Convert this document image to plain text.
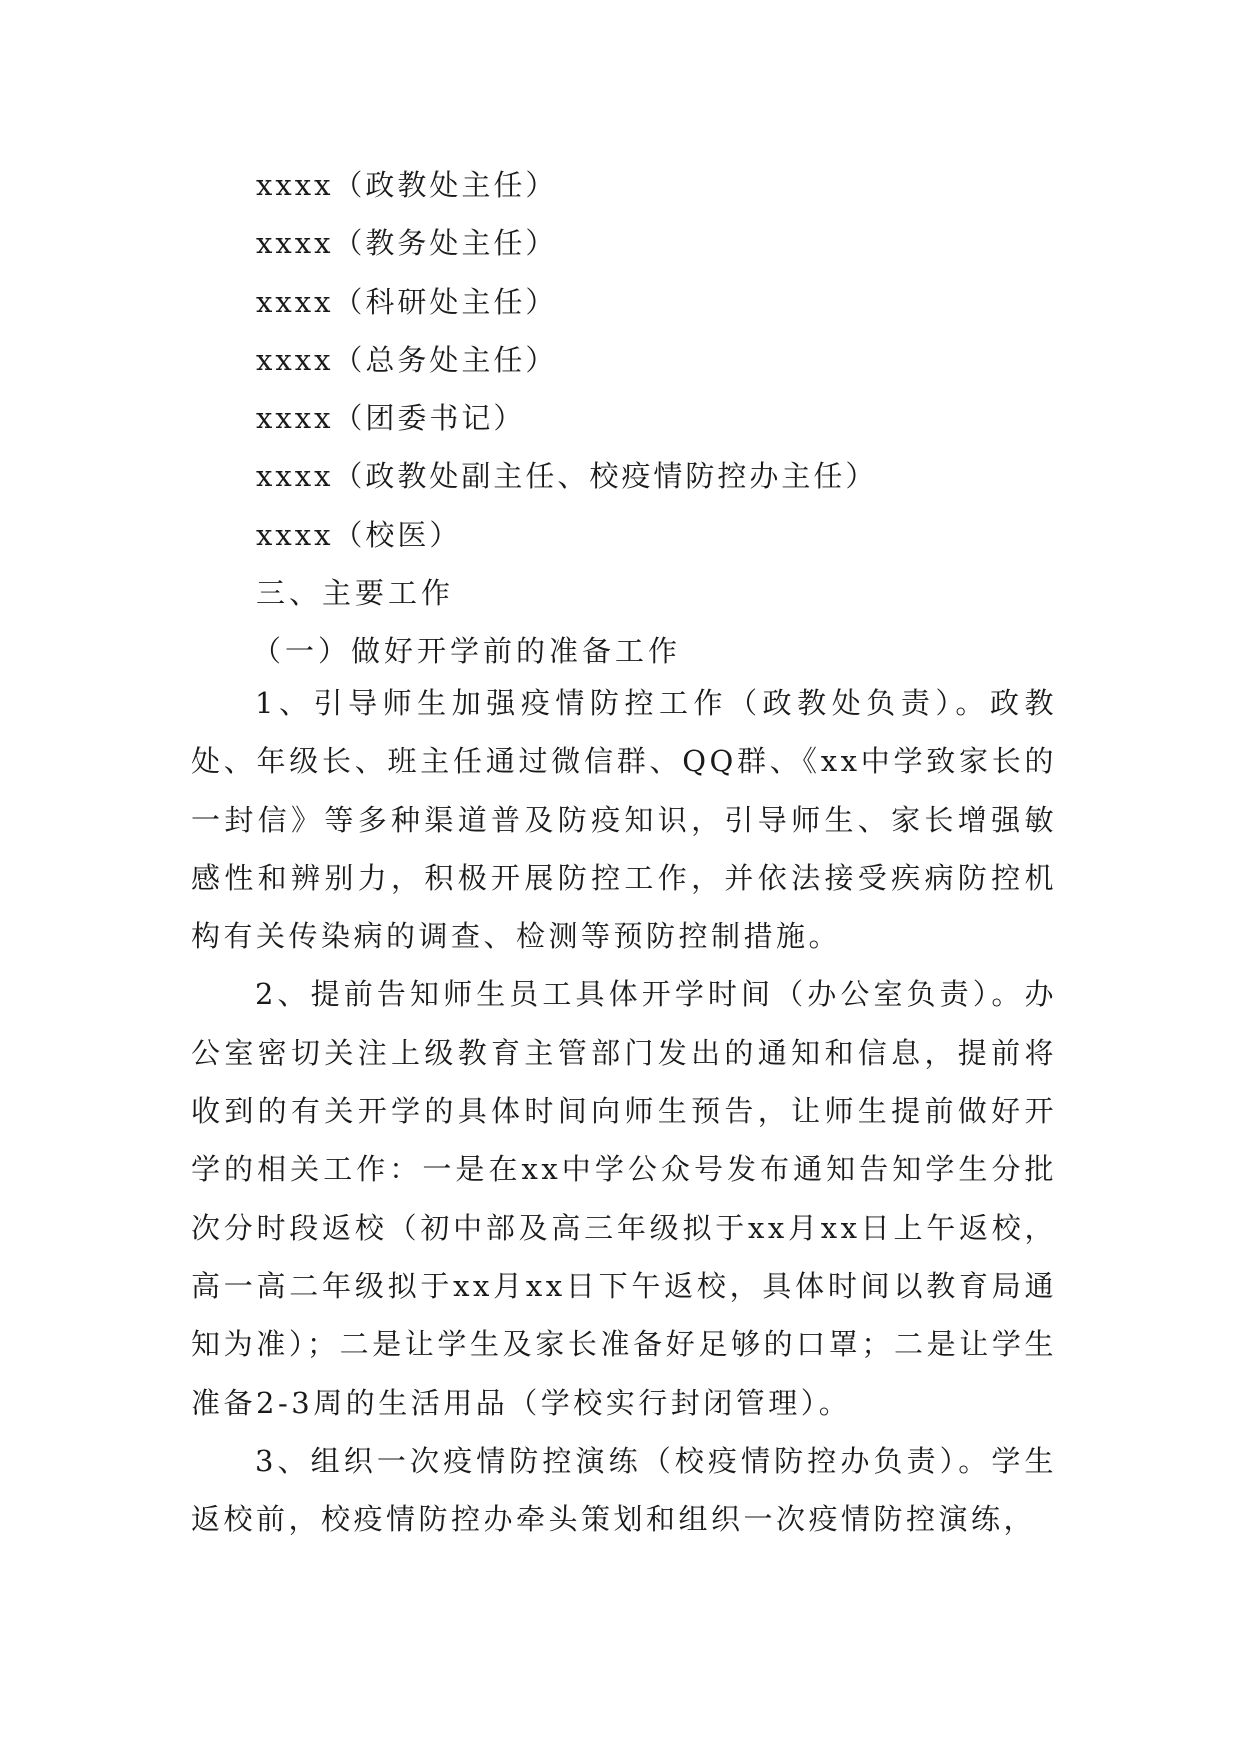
xxxx（政教处主任）
xxxx（教务处主任）
xxxx（科研处主任）
xxxx（总务处主任）
xxxx（团委书记）
xxxx（政教处副主任、校疫情防控办主任）
xxxx（校医）
三、主要工作
（一）做好开学前的准备工作

1、引导师生加强疫情防控工作（政教处负责）。政教处、年级长、班主任通过微信群、QQ群、《xx中学致家长的一封信》等多种渠道普及防疫知识，引导师生、家长增强敏感性和辨别力，积极开展防控工作，并依法接受疾病防控机构有关传染病的调查、检测等预防控制措施。

2、提前告知师生员工具体开学时间（办公室负责）。办公室密切关注上级教育主管部门发出的通知和信息，提前将收到的有关开学的具体时间向师生预告，让师生提前做好开学的相关工作：一是在xx中学公众号发布通知告知学生分批次分时段返校（初中部及高三年级拟于xx月xx日上午返校，高一高二年级拟于xx月xx日下午返校，具体时间以教育局通知为准）；二是让学生及家长准备好足够的口罩；二是让学生准备2-3周的生活用品（学校实行封闭管理）。

3、组织一次疫情防控演练（校疫情防控办负责）。学生返校前，校疫情防控办牵头策划和组织一次疫情防控演练，
